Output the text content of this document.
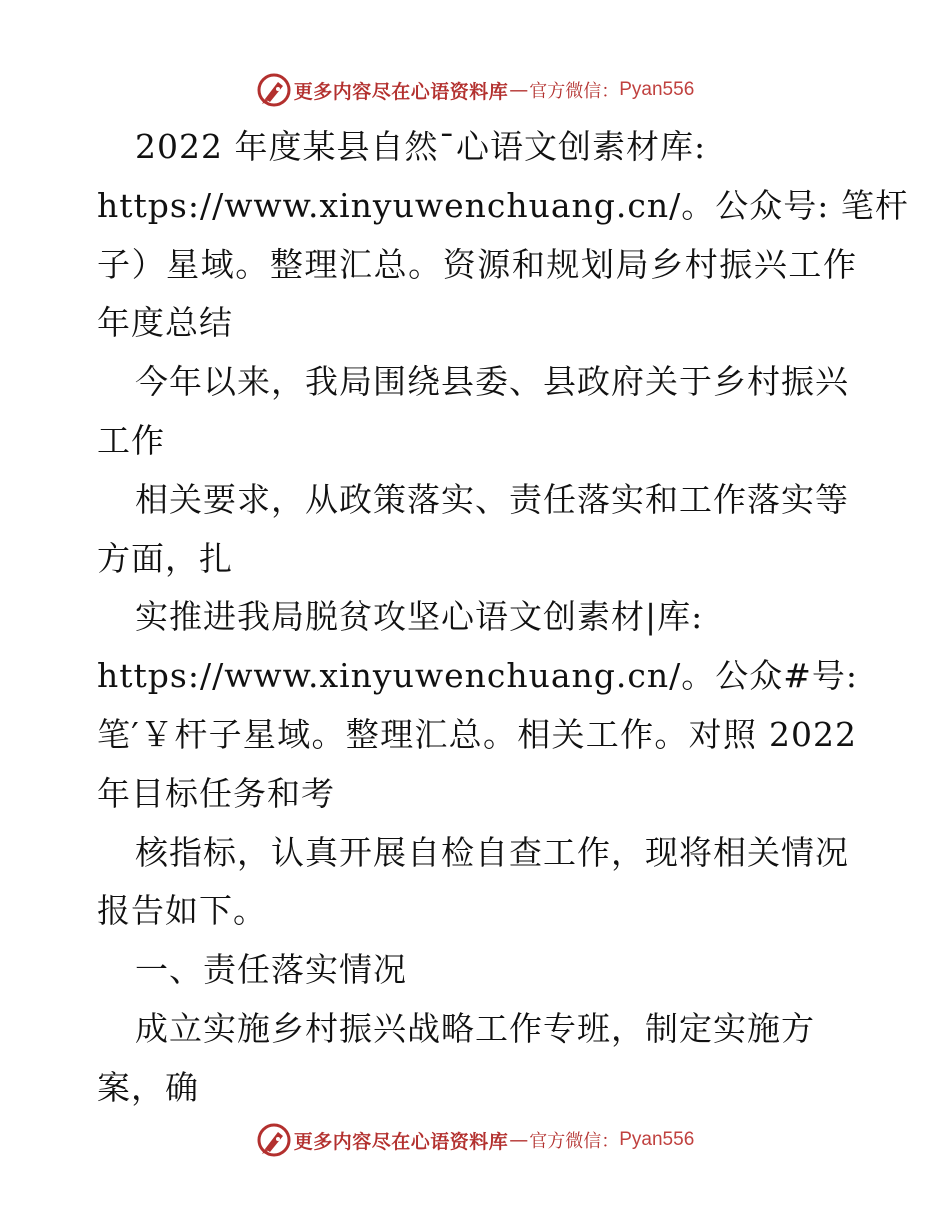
更多内容尽在心语资料库 — 官方微信： Pyan556
2022 年度某县自然¯心语文创素材库:
https://www.xinyuwenchuang.cn/。公众号: 笔杆
子）星域。整理汇总。资源和规划局乡村振兴工作
年度总结
今年以来，我局围绕县委、县政府关于乡村振兴
工作
相关要求，从政策落实、责任落实和工作落实等
方面，扎
实推进我局脱贫攻坚心语文创素材|库:
https://www.xinyuwenchuang.cn/。公众#号:
笔′￥杆子星域。整理汇总。相关工作。对照 2022
年目标任务和考
核指标，认真开展自检自查工作，现将相关情况
报告如下。
一、责任落实情况
成立实施乡村振兴战略工作专班，制定实施方
案，确
更多内容尽在心语资料库 — 官方微信： Pyan556
